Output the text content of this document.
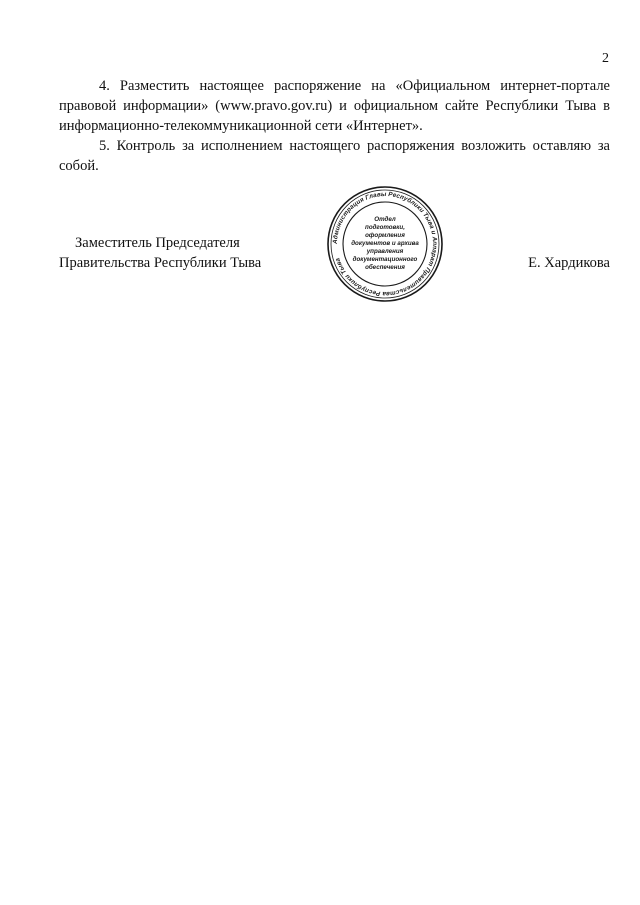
2

4. Разместить настоящее распоряжение на «Официальном интернет-портале правовой информации» (www.pravo.gov.ru) и официальном сайте Республики Тыва в информационно-телекоммуникационной сети «Интернет».

5. Контроль за исполнением настоящего распоряжения возложить оставляю за собой.

Заместитель Председателя
Правительства Республики Тыва
Администрация Главы Республики Тыва и Аппарат Правительства Республики Тыва
Отдел
подготовки,
оформления
документов и архива
управления
документационного
обеспечения	Е. Хардикова
